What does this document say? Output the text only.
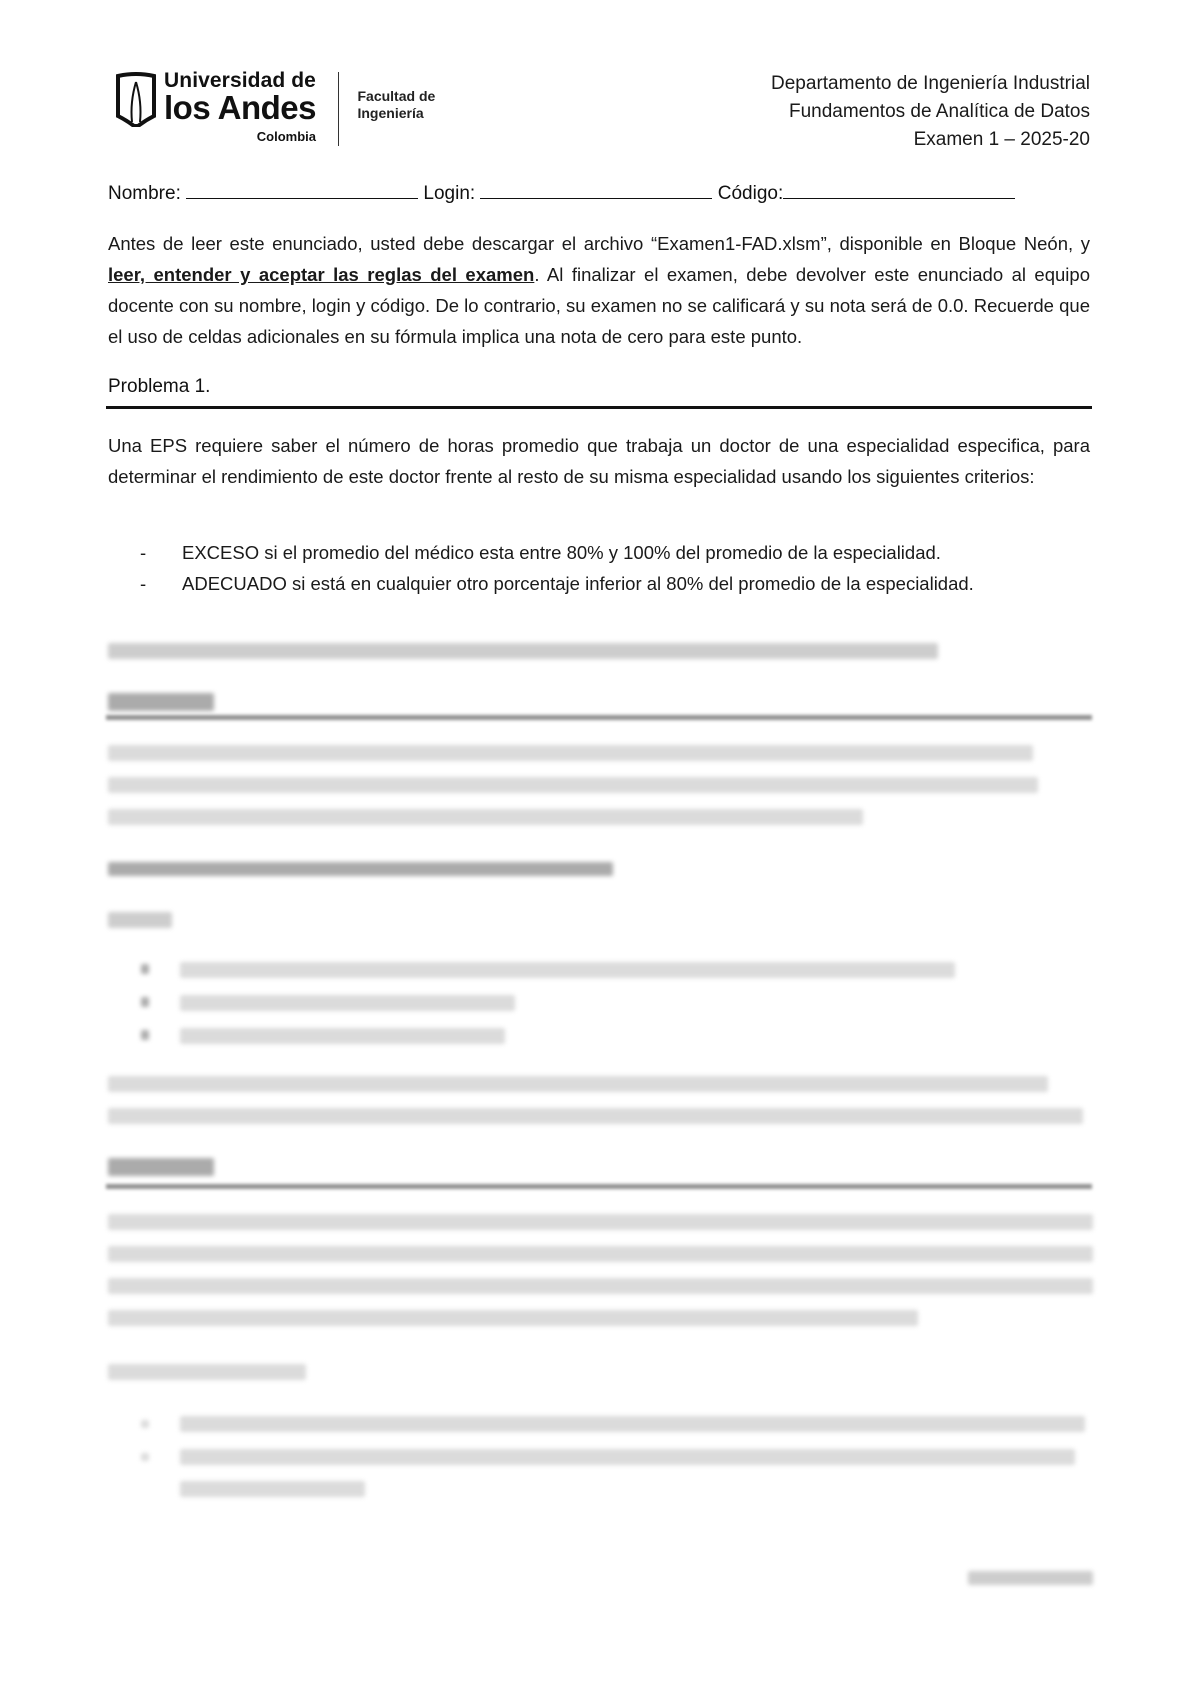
Universidad de
los Andes
Colombia
Facultad de
Ingeniería
Departamento de Ingeniería Industrial
Fundamentos de Analítica de Datos
Examen 1 – 2025-20
Nombre:	Login:	Código:
Antes de leer este enunciado, usted debe descargar el archivo “Examen1-FAD.xlsm”, disponible en Bloque Neón, y leer, entender y aceptar las reglas del examen. Al finalizar el examen, debe devolver este enunciado al equipo docente con su nombre, login y código. De lo contrario, su examen no se calificará y su nota será de 0.0. Recuerde que el uso de celdas adicionales en su fórmula implica una nota de cero para este punto.
Problema 1.
Una EPS requiere saber el número de horas promedio que trabaja un doctor de una especialidad especifica, para determinar el rendimiento de este doctor frente al resto de su misma especialidad usando los siguientes criterios:
-	EXCESO si el promedio del médico esta entre 80% y 100% del promedio de la especialidad.
-	ADECUADO si está en cualquier otro porcentaje inferior al 80% del promedio de la especialidad.
